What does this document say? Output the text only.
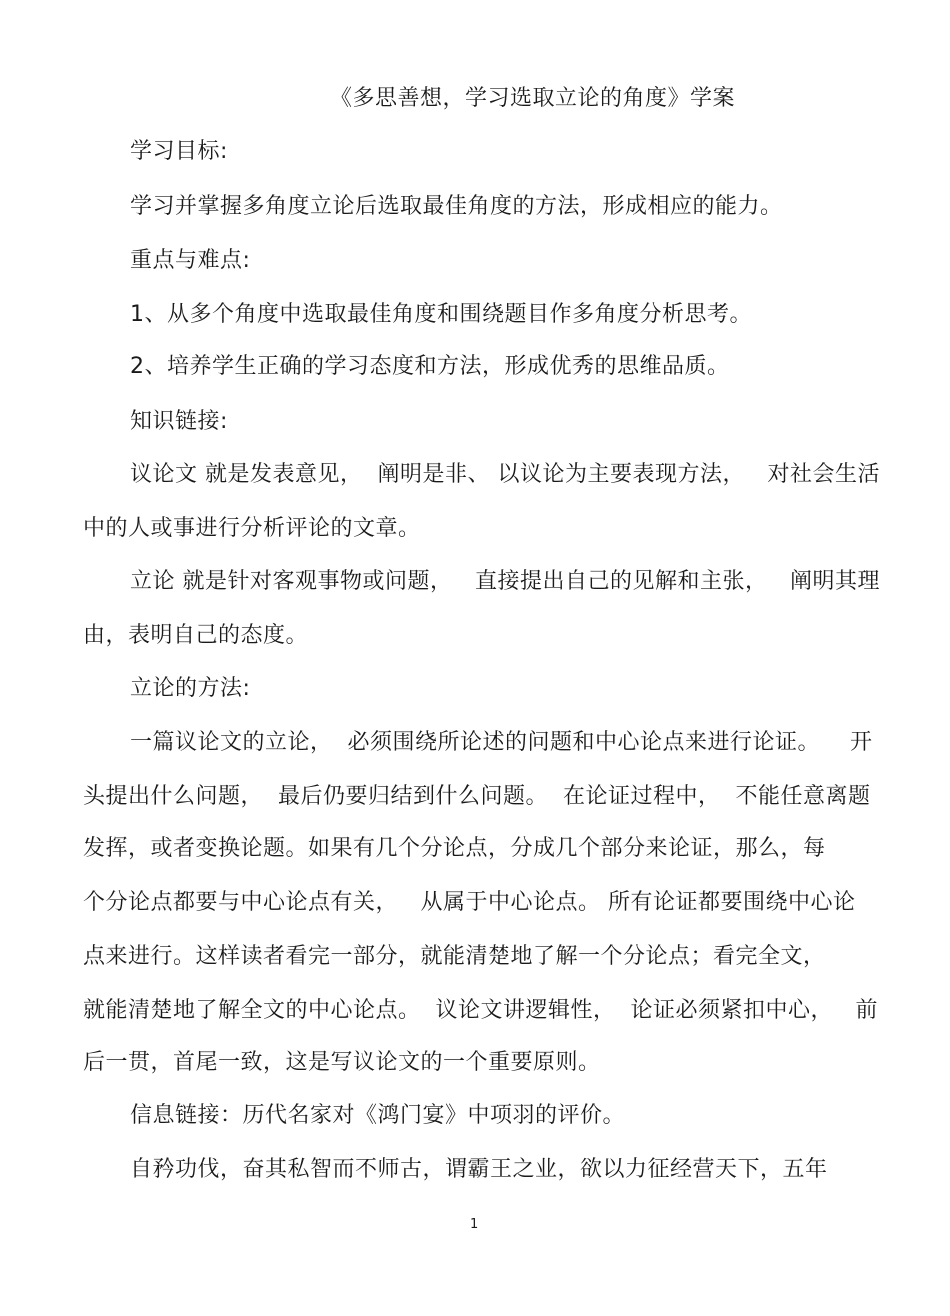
《多思善想，学习选取立论的角度》学案
学习目标:
学习并掌握多角度立论后选取最佳角度的方法，形成相应的能力。
重点与难点:
1、从多个角度中选取最佳角度和围绕题目作多角度分析思考。
2、培养学生正确的学习态度和方法，形成优秀的思维品质。
知识链接:
议论文 就是发表意见，  阐明是非、 以议论为主要表现方法，   对社会生活
中的人或事进行分析评论的文章。
立论 就是针对客观事物或问题，   直接提出自己的见解和主张，   阐明其理
由，表明自己的态度。
立论的方法:
一篇议论文的立论，  必须围绕所论述的问题和中心论点来进行论证。    开
头提出什么问题，  最后仍要归结到什么问题。  在论证过程中，  不能任意离题
发挥，或者变换论题。如果有几个分论点，分成几个部分来论证，那么，每
个分论点都要与中心论点有关，   从属于中心论点。 所有论证都要围绕中心论
点来进行。这样读者看完一部分，就能清楚地了解一个分论点；看完全文，
就能清楚地了解全文的中心论点。  议论文讲逻辑性，  论证必须紧扣中心，   前
后一贯，首尾一致，这是写议论文的一个重要原则。
信息链接：历代名家对《鸿门宴》中项羽的评价。
自矜功伐，奋其私智而不师古，谓霸王之业，欲以力征经营天下，五年
1
